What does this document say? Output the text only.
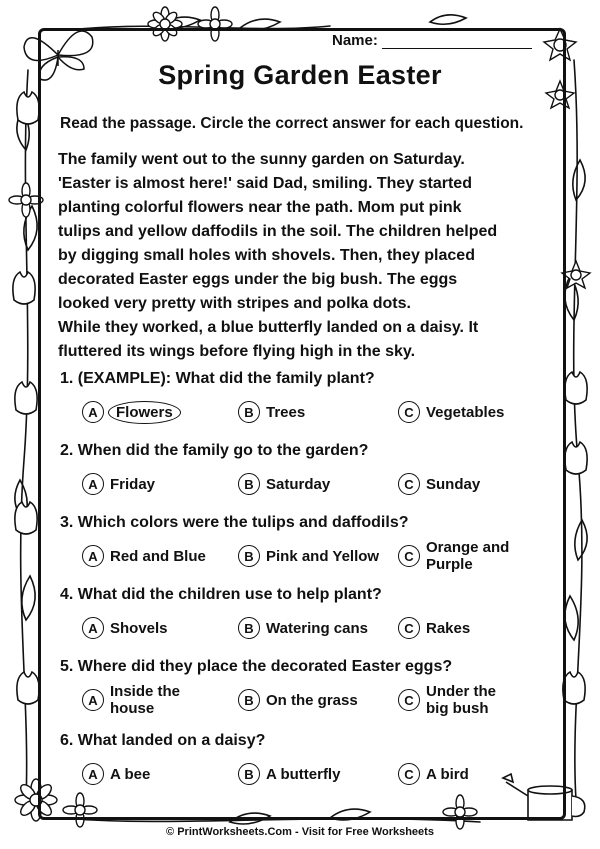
Name:
Spring Garden Easter
Read the passage. Circle the correct answer for each question.

The family went out to the sunny garden on Saturday.

'Easter is almost here!' said Dad, smiling. They started

planting colorful flowers near the path. Mom put pink

tulips and yellow daffodils in the soil. The children helped

by digging small holes with shovels. Then, they placed

decorated Easter eggs under the big bush. The eggs

looked very pretty with stripes and polka dots.

While they worked, a blue butterfly landed on a daisy. It

fluttered its wings before flying high in the sky.

1. (EXAMPLE): What did the family plant?
A	Flowers	B Trees	C Vegetables
2. When did the family go to the garden?
A Friday	B Saturday	C Sunday
3. Which colors were the tulips and daffodils?
A Red and Blue	B Pink and Yellow	C Orange and Purple
4. What did the children use to help plant?
A Shovels	B Watering cans	C Rakes
5. Where did they place the decorated Easter eggs?
A Inside the house	B On the grass	C Under the big bush
6. What landed on a daisy?
A A bee	B A butterfly	C A bird
© PrintWorksheets.Com - Visit for Free Worksheets
